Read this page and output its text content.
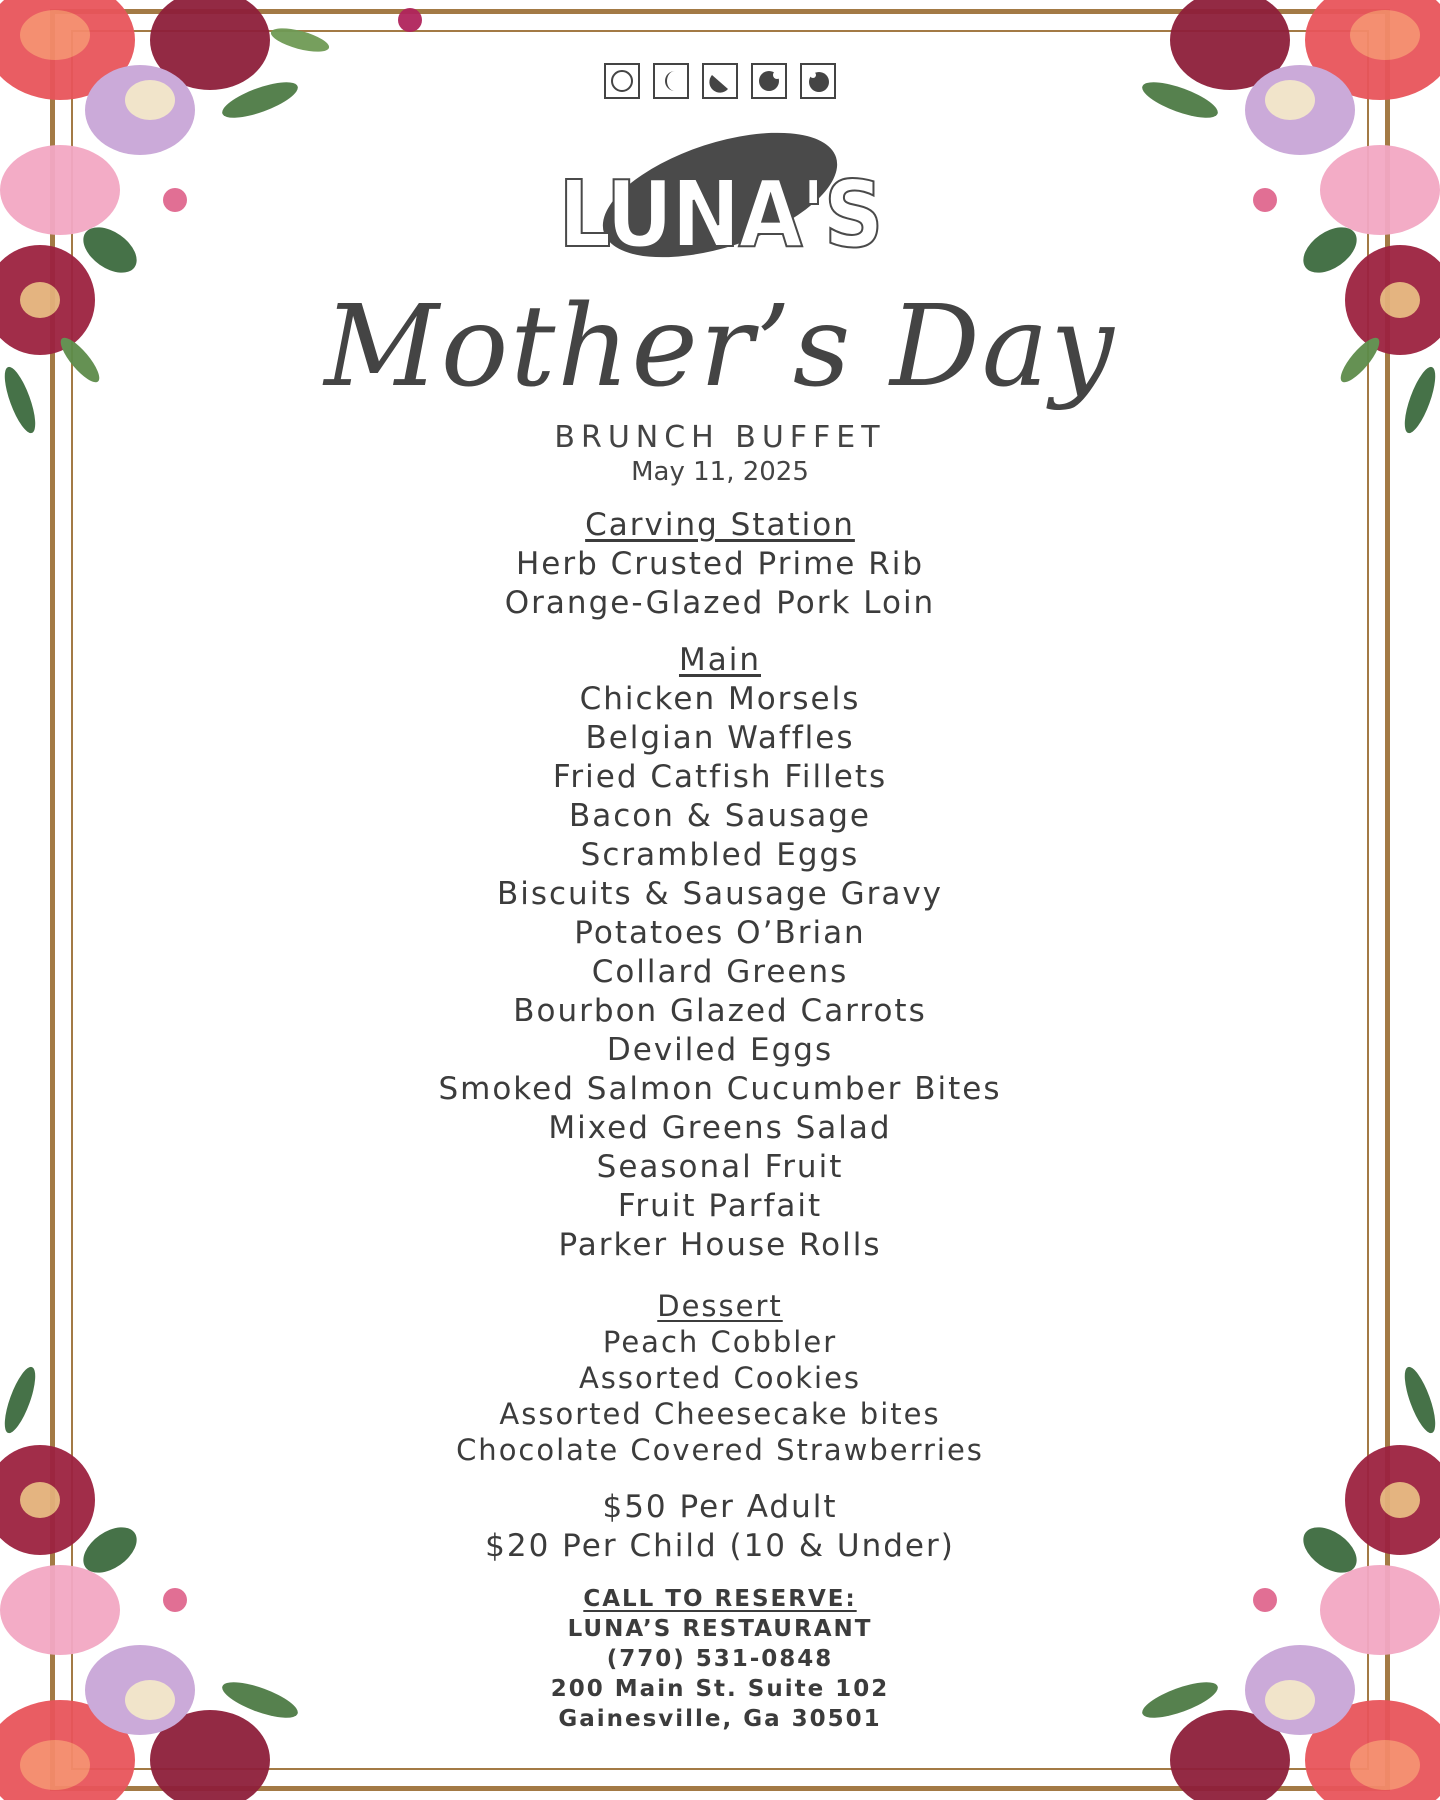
LUNA'S
Mother’s Day
BRUNCH BUFFET
May 11, 2025
Carving Station
Herb Crusted Prime Rib
Orange-Glazed Pork Loin
Main
Chicken Morsels
Belgian Waffles
Fried Catfish Fillets
Bacon & Sausage
Scrambled Eggs
Biscuits & Sausage Gravy
Potatoes O’Brian
Collard Greens
Bourbon Glazed Carrots
Deviled Eggs
Smoked Salmon Cucumber Bites
Mixed Greens Salad
Seasonal Fruit
Fruit Parfait
Parker House Rolls
Dessert
Peach Cobbler
Assorted Cookies
Assorted Cheesecake bites
Chocolate Covered Strawberries
$50 Per Adult
$20 Per Child (10 & Under)
CALL TO RESERVE:
LUNA’S RESTAURANT
(770) 531-0848
200 Main St. Suite 102
Gainesville, Ga 30501
